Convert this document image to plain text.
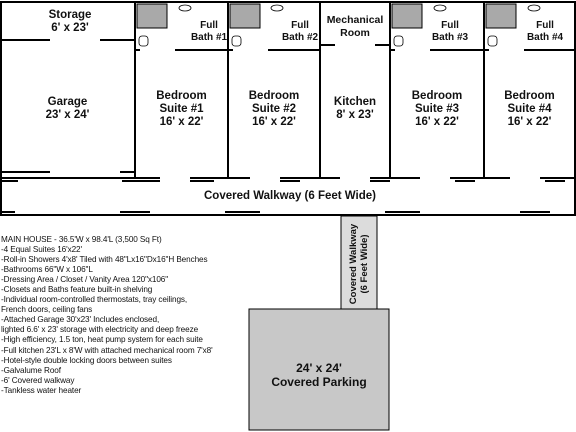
Storage
6' x 23'
Garage
23' x 24'
Bedroom
Suite #1
16' x 22'
Bedroom
Suite #2
16' x 22'
Kitchen
8' x 23'
Bedroom
Suite #3
16' x 22'
Bedroom
Suite #4
16' x 22'
Full
Bath #1
Full
Bath #2
Mechanical
Room
Full
Bath #3
Full
Bath #4
Covered Walkway (6 Feet Wide)
Covered Walkway (6 Feet Wide)
24' x 24'
Covered Parking
MAIN HOUSE - 36.5'W x 98.4'L (3,500 Sq Ft)
-4 Equal Suites 16'x22'
-Roll-in Showers 4'x8' Tiled with 48"Lx16"Dx16"H Benches
-Bathrooms 66"W x 106"L
-Dressing Area / Closet / Vanity Area 120"x106"
-Closets and Baths feature built-in shelving
-Individual room-controlled thermostats, tray ceilings,
French doors, ceiling fans
-Attached Garage 30'x23' Includes enclosed,
lighted 6.6' x 23' storage with electricity and deep freeze
-High efficiency, 1.5 ton, heat pump system for each suite
-Full kitchen 23'L x 8'W with attached mechanical room 7'x8'
-Hotel-style double locking doors between suites
-Galvalume Roof
-6' Covered walkway
-Tankless water heater
